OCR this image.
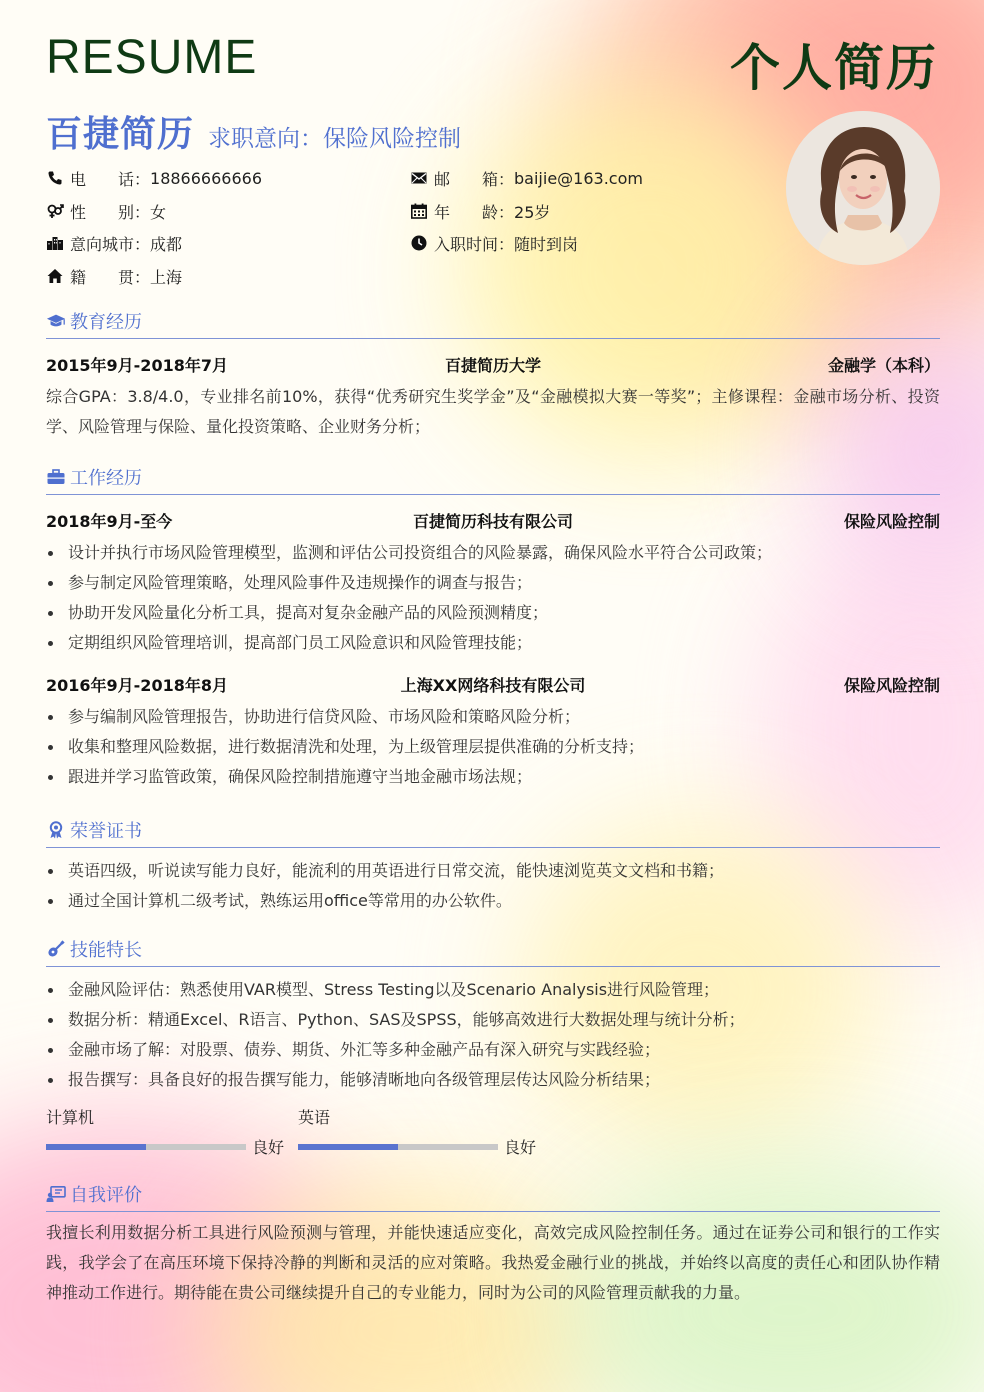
RESUME	个人简历
百捷简历 求职意向：保险风险控制
电　　话： 18866666666
性　　别： 女
意向城市： 成都
籍　　贯： 上海
邮　　箱： baijie@163.com
年　　龄： 25岁
入职时间： 随时到岗
教育经历
2015年9月-2018年7月	百捷简历大学	金融学（本科）
综合GPA：3.8/4.0，专业排名前10%，获得“优秀研究生奖学金”及“金融模拟大赛一等奖”；主修课程：金融市场分析、投资学、风险管理与保险、量化投资策略、企业财务分析；
工作经历
2018年9月-至今	百捷简历科技有限公司	保险风险控制
设计并执行市场风险管理模型，监测和评估公司投资组合的风险暴露，确保风险水平符合公司政策；
参与制定风险管理策略，处理风险事件及违规操作的调查与报告；
协助开发风险量化分析工具，提高对复杂金融产品的风险预测精度；
定期组织风险管理培训，提高部门员工风险意识和风险管理技能；
2016年9月-2018年8月	上海XX网络科技有限公司	保险风险控制
参与编制风险管理报告，协助进行信贷风险、市场风险和策略风险分析；
收集和整理风险数据，进行数据清洗和处理，为上级管理层提供准确的分析支持；
跟进并学习监管政策，确保风险控制措施遵守当地金融市场法规；
荣誉证书
英语四级，听说读写能力良好，能流利的用英语进行日常交流，能快速浏览英文文档和书籍；
通过全国计算机二级考试，熟练运用office等常用的办公软件。
技能特长
金融风险评估：熟悉使用VAR模型、Stress Testing以及Scenario Analysis进行风险管理；
数据分析：精通Excel、R语言、Python、SAS及SPSS，能够高效进行大数据处理与统计分析；
金融市场了解：对股票、债券、期货、外汇等多种金融产品有深入研究与实践经验；
报告撰写：具备良好的报告撰写能力，能够清晰地向各级管理层传达风险分析结果；
计算机
良好
英语
良好
自我评价
我擅长利用数据分析工具进行风险预测与管理，并能快速适应变化，高效完成风险控制任务。通过在证券公司和银行的工作实践，我学会了在高压环境下保持冷静的判断和灵活的应对策略。我热爱金融行业的挑战，并始终以高度的责任心和团队协作精神推动工作进行。期待能在贵公司继续提升自己的专业能力，同时为公司的风险管理贡献我的力量。
